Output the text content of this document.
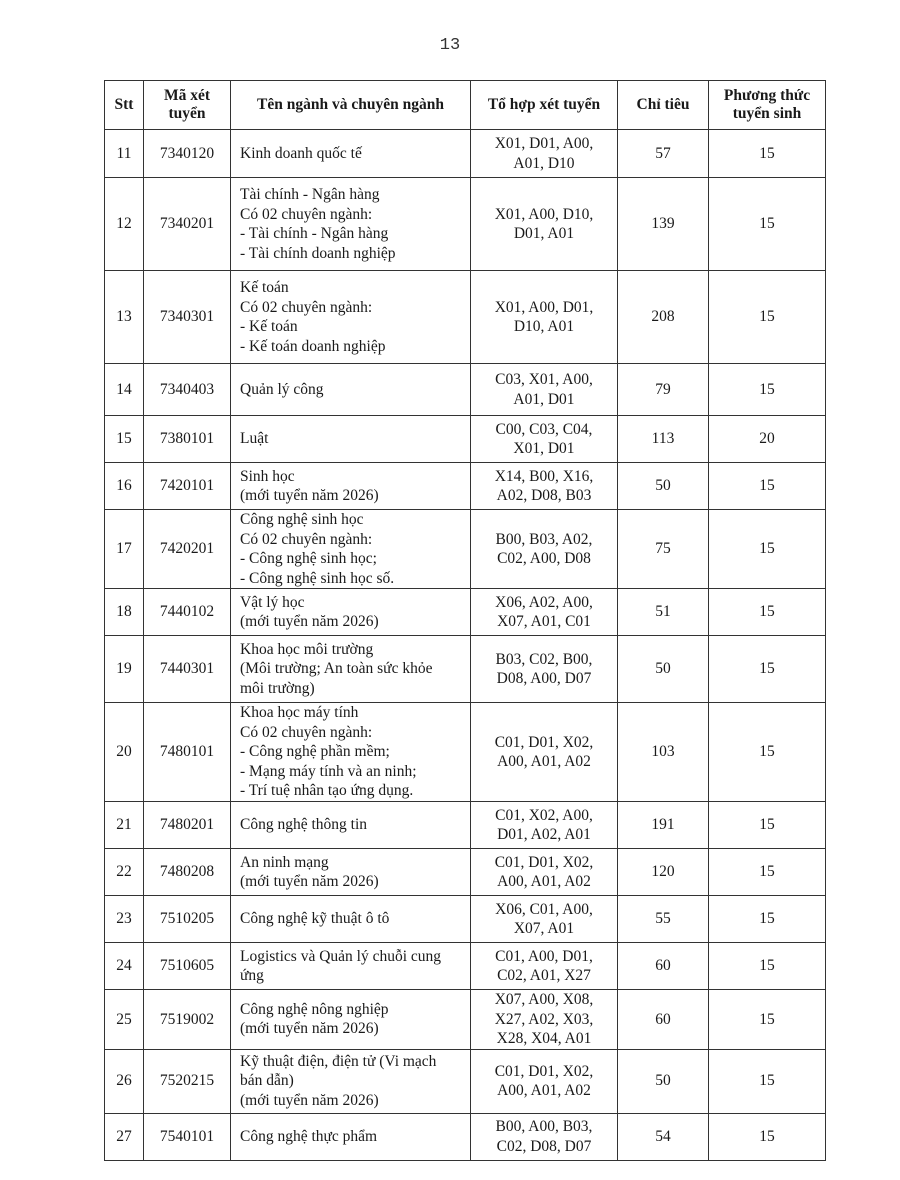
13
Stt	Mã xét
tuyển	Tên ngành và chuyên ngành	Tổ hợp xét tuyển	Chỉ tiêu	Phương thức
tuyển sinh

11	7340120	Kinh doanh quốc tế	X01, D01, A00,
A01, D10	57	15
12	7340201	Tài chính - Ngân hàng
Có 02 chuyên ngành:
- Tài chính - Ngân hàng
- Tài chính doanh nghiệp	X01, A00, D10,
D01, A01	139	15
13	7340301	Kế toán
Có 02 chuyên ngành:
- Kế toán
- Kế toán doanh nghiệp	X01, A00, D01,
D10, A01	208	15
14	7340403	Quản lý công	C03, X01, A00,
A01, D01	79	15
15	7380101	Luật	C00, C03, C04,
X01, D01	113	20
16	7420101	Sinh học
(mới tuyển năm 2026)	X14, B00, X16,
A02, D08, B03	50	15
17	7420201	Công nghệ sinh học
Có 02 chuyên ngành:
- Công nghệ sinh học;
- Công nghệ sinh học số.	B00, B03, A02,
C02, A00, D08	75	15
18	7440102	Vật lý học
(mới tuyển năm 2026)	X06, A02, A00,
X07, A01, C01	51	15
19	7440301	Khoa học môi trường
(Môi trường; An toàn sức khỏe
môi trường)	B03, C02, B00,
D08, A00, D07	50	15
20	7480101	Khoa học máy tính
Có 02 chuyên ngành:
- Công nghệ phần mềm;
- Mạng máy tính và an ninh;
- Trí tuệ nhân tạo ứng dụng.	C01, D01, X02,
A00, A01, A02	103	15
21	7480201	Công nghệ thông tin	C01, X02, A00,
D01, A02, A01	191	15
22	7480208	An ninh mạng
(mới tuyển năm 2026)	C01, D01, X02,
A00, A01, A02	120	15
23	7510205	Công nghệ kỹ thuật ô tô	X06, C01, A00,
X07, A01	55	15
24	7510605	Logistics và Quản lý chuỗi cung
ứng	C01, A00, D01,
C02, A01, X27	60	15
25	7519002	Công nghệ nông nghiệp
(mới tuyển năm 2026)	X07, A00, X08,
X27, A02, X03,
X28, X04, A01	60	15
26	7520215	Kỹ thuật điện, điện tử (Vi mạch
bán dẫn)
(mới tuyển năm 2026)	C01, D01, X02,
A00, A01, A02	50	15
27	7540101	Công nghệ thực phẩm	B00, A00, B03,
C02, D08, D07	54	15
